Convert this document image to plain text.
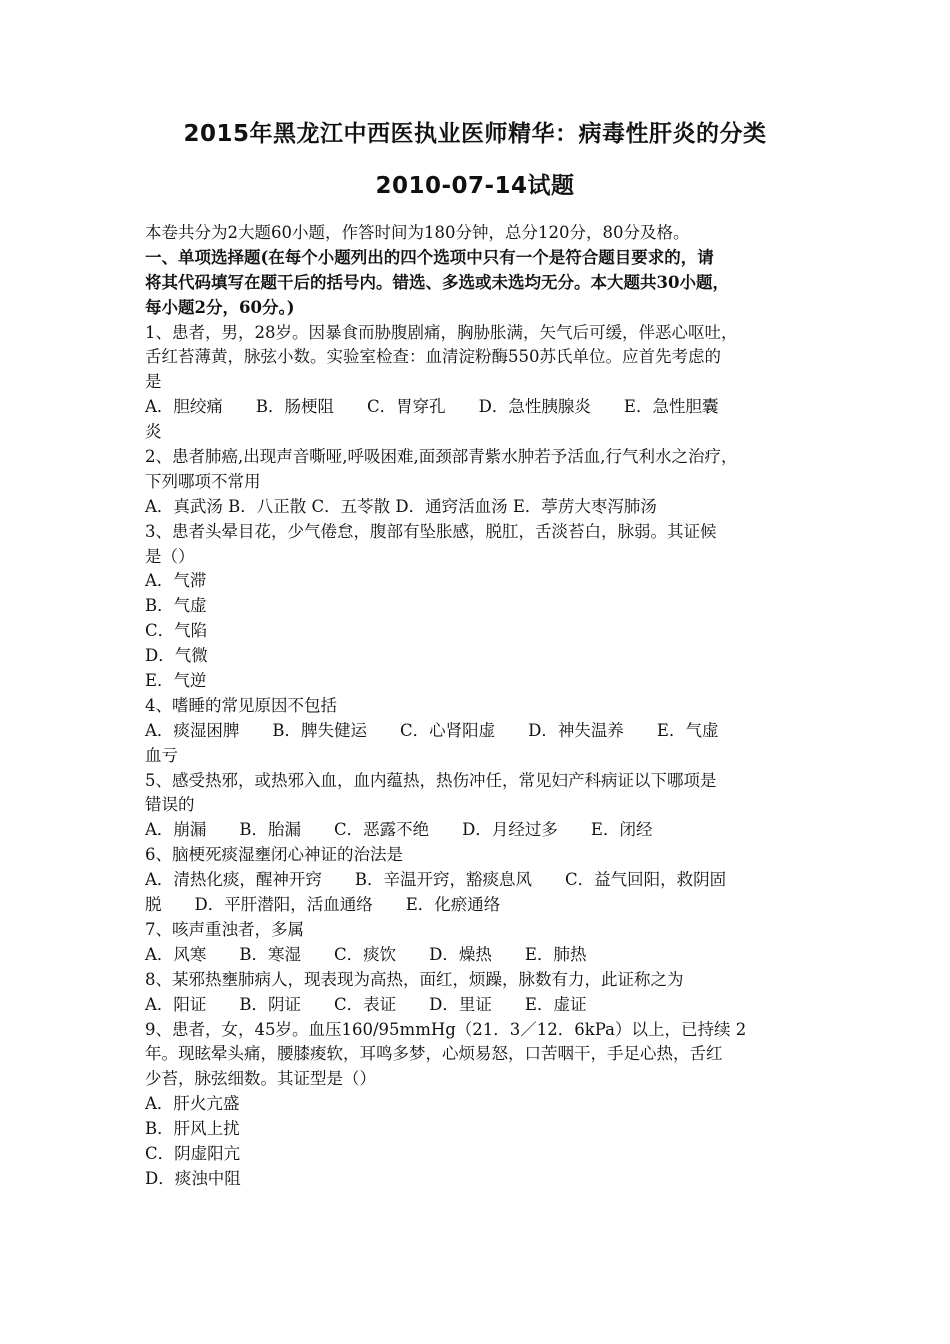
2015年黑龙江中西医执业医师精华：病毒性肝炎的分类
2010-07-14试题
本卷共分为2大题60小题，作答时间为180分钟，总分120分，80分及格。
一、单项选择题(在每个小题列出的四个选项中只有一个是符合题目要求的，请
将其代码填写在题干后的括号内。错选、多选或未选均无分。本大题共30小题，
每小题2分，60分。)
1、患者，男，28岁。因暴食而胁腹剧痛，胸胁胀满，矢气后可缓，伴恶心呕吐，
舌红苔薄黄，脉弦小数。实验室检查：血清淀粉酶550苏氏单位。应首先考虑的
是
A．胆绞痛　　B．肠梗阻　　C．胃穿孔　　D．急性胰腺炎　　E．急性胆囊
炎
2、患者肺癌,出现声音嘶哑,呼吸困难,面颈部青紫水肿若予活血,行气利水之治疗，
下列哪项不常用
A．真武汤 B．八正散 C．五苓散 D．通窍活血汤 E．葶苈大枣泻肺汤
3、患者头晕目花，少气倦怠，腹部有坠胀感，脱肛，舌淡苔白，脉弱。其证候
是（）
A．气滞
B．气虚
C．气陷
D．气微
E．气逆
4、嗜睡的常见原因不包括
A．痰湿困脾　　B．脾失健运　　C．心肾阳虚　　D．神失温养　　E．气虚
血亏
5、感受热邪，或热邪入血，血内蕴热，热伤冲任，常见妇产科病证以下哪项是
错误的
A．崩漏　　B．胎漏　　C．恶露不绝　　D．月经过多　　E．闭经
6、脑梗死痰湿壅闭心神证的治法是
A．清热化痰，醒神开窍　　B．辛温开窍，豁痰息风　　C．益气回阳，救阴固
脱　　D．平肝潜阳，活血通络　　E．化瘀通络
7、咳声重浊者，多属
A．风寒　　B．寒湿　　C．痰饮　　D．燥热　　E．肺热
8、某邪热壅肺病人，现表现为高热，面红，烦躁，脉数有力，此证称之为
A．阳证　　B．阴证　　C．表证　　D．里证　　E．虚证
9、患者，女，45岁。血压160/95mmHg（21．3／12．6kPa）以上，已持续 2
年。现眩晕头痛，腰膝痠软，耳鸣多梦，心烦易怒，口苦咽干，手足心热，舌红
少苔，脉弦细数。其证型是（）
A．肝火亢盛
B．肝风上扰
C．阴虚阳亢
D．痰浊中阻
